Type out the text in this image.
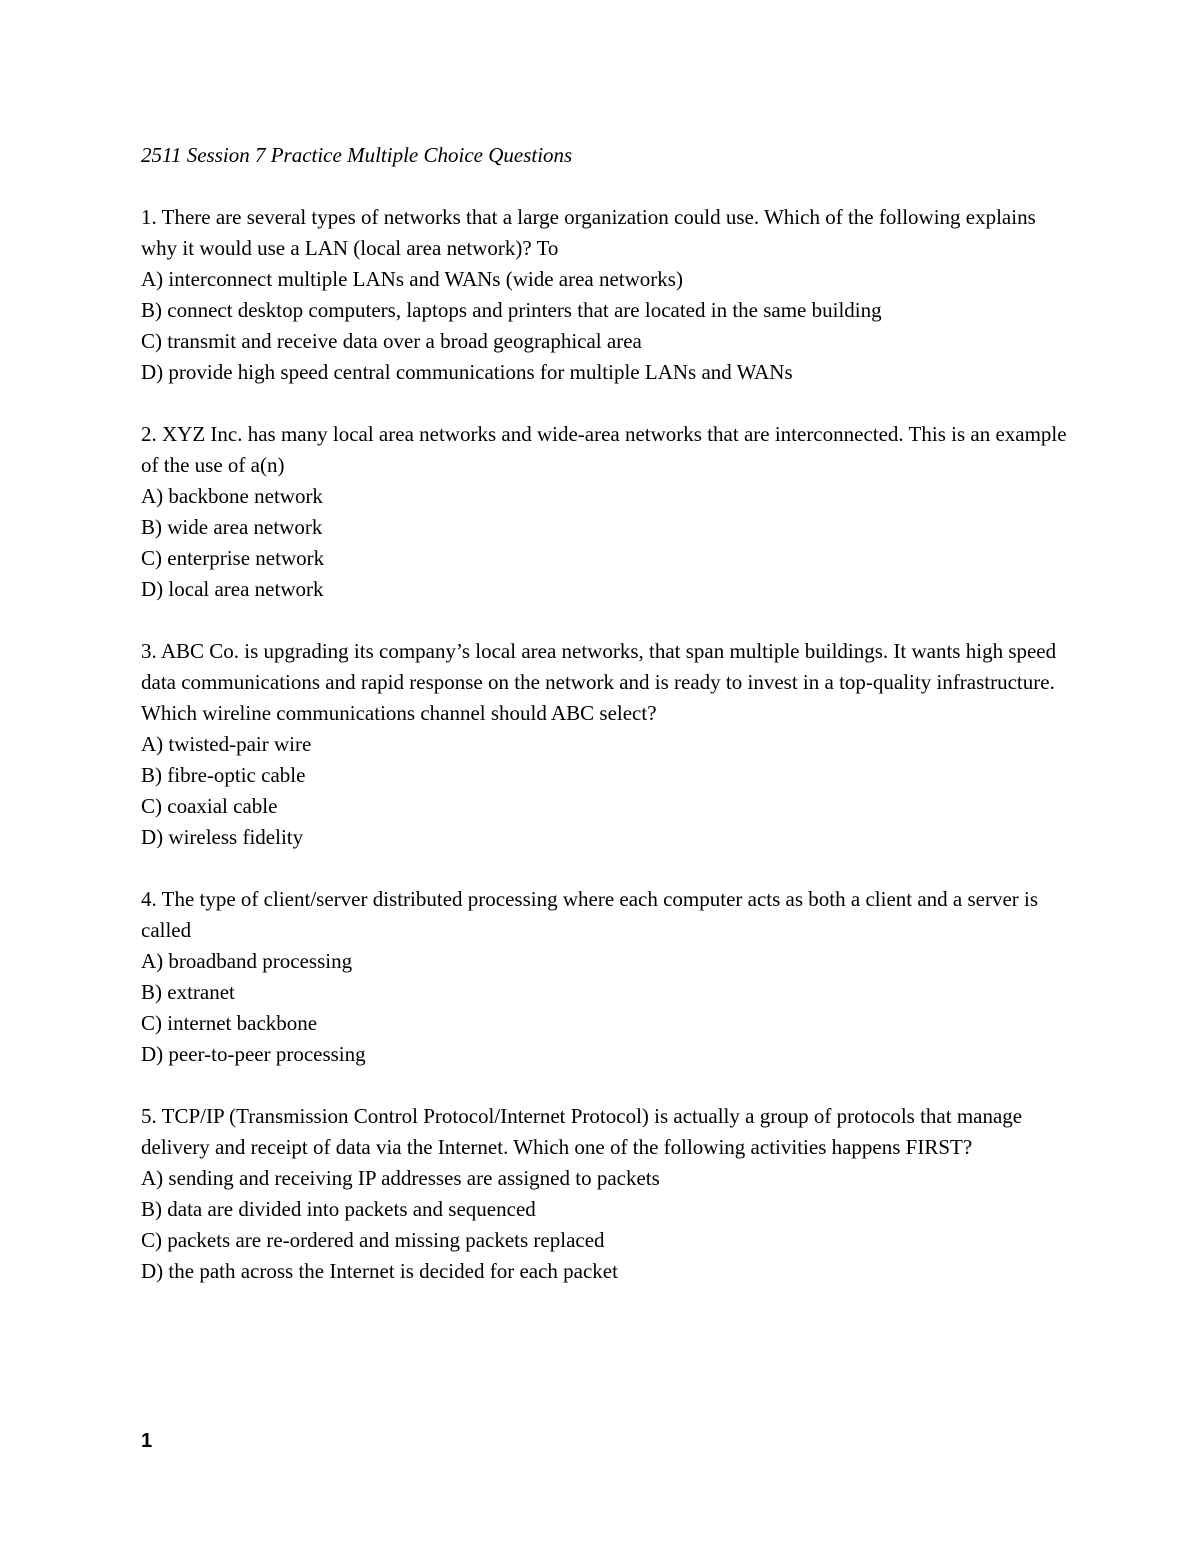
2511 Session 7 Practice Multiple Choice Questions

1. There are several types of networks that a large organization could use. Which of the following explains why it would use a LAN (local area network)? To

A) interconnect multiple LANs and WANs (wide area networks)
B) connect desktop computers, laptops and printers that are located in the same building
C) transmit and receive data over a broad geographical area
D) provide high speed central communications for multiple LANs and WANs

2. XYZ Inc. has many local area networks and wide-area networks that are interconnected. This is an example of the use of a(n)

A) backbone network
B) wide area network
C) enterprise network
D) local area network

3. ABC Co. is upgrading its company’s local area networks, that span multiple buildings. It wants high speed data communications and rapid response on the network and is ready to invest in a top-quality infrastructure. Which wireline communications channel should ABC select?

A) twisted-pair wire
B) fibre-optic cable
C) coaxial cable
D) wireless fidelity

4. The type of client/server distributed processing where each computer acts as both a client and a server is called

A) broadband processing
B) extranet
C) internet backbone
D) peer-to-peer processing

5. TCP/IP (Transmission Control Protocol/Internet Protocol) is actually a group of protocols that manage delivery and receipt of data via the Internet. Which one of the following activities happens FIRST?

A) sending and receiving IP addresses are assigned to packets
B) data are divided into packets and sequenced
C) packets are re-ordered and missing packets replaced
D) the path across the Internet is decided for each packet
1
